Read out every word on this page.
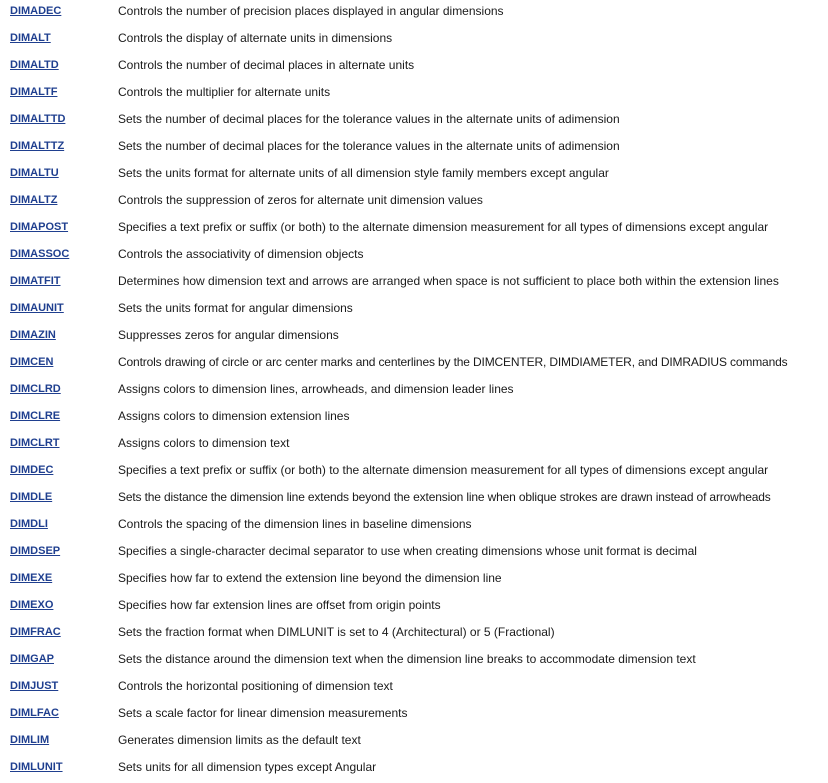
DIMADEC	Controls the number of precision places displayed in angular dimensions
DIMALT	Controls the display of alternate units in dimensions
DIMALTD	Controls the number of decimal places in alternate units
DIMALTF	Controls the multiplier for alternate units
DIMALTTD	Sets the number of decimal places for the tolerance values in the alternate units of adimension
DIMALTTZ	Sets the number of decimal places for the tolerance values in the alternate units of adimension
DIMALTU	Sets the units format for alternate units of all dimension style family members except angular
DIMALTZ	Controls the suppression of zeros for alternate unit dimension values
DIMAPOST	Specifies a text prefix or suffix (or both) to the alternate dimension measurement for all types of dimensions except angular
DIMASSOC	Controls the associativity of dimension objects
DIMATFIT	Determines how dimension text and arrows are arranged when space is not sufficient to place both within the extension lines
DIMAUNIT	Sets the units format for angular dimensions
DIMAZIN	Suppresses zeros for angular dimensions
DIMCEN	Controls drawing of circle or arc center marks and centerlines by the DIMCENTER, DIMDIAMETER, and DIMRADIUS commands
DIMCLRD	Assigns colors to dimension lines, arrowheads, and dimension leader lines
DIMCLRE	Assigns colors to dimension extension lines
DIMCLRT	Assigns colors to dimension text
DIMDEC	Specifies a text prefix or suffix (or both) to the alternate dimension measurement for all types of dimensions except angular
DIMDLE	Sets the distance the dimension line extends beyond the extension line when oblique strokes are drawn instead of arrowheads
DIMDLI	Controls the spacing of the dimension lines in baseline dimensions
DIMDSEP	Specifies a single-character decimal separator to use when creating dimensions whose unit format is decimal
DIMEXE	Specifies how far to extend the extension line beyond the dimension line
DIMEXO	Specifies how far extension lines are offset from origin points
DIMFRAC	Sets the fraction format when DIMLUNIT is set to 4 (Architectural) or 5 (Fractional)
DIMGAP	Sets the distance around the dimension text when the dimension line breaks to accommodate dimension text
DIMJUST	Controls the horizontal positioning of dimension text
DIMLFAC	Sets a scale factor for linear dimension measurements
DIMLIM	Generates dimension limits as the default text
DIMLUNIT	Sets units for all dimension types except Angular
